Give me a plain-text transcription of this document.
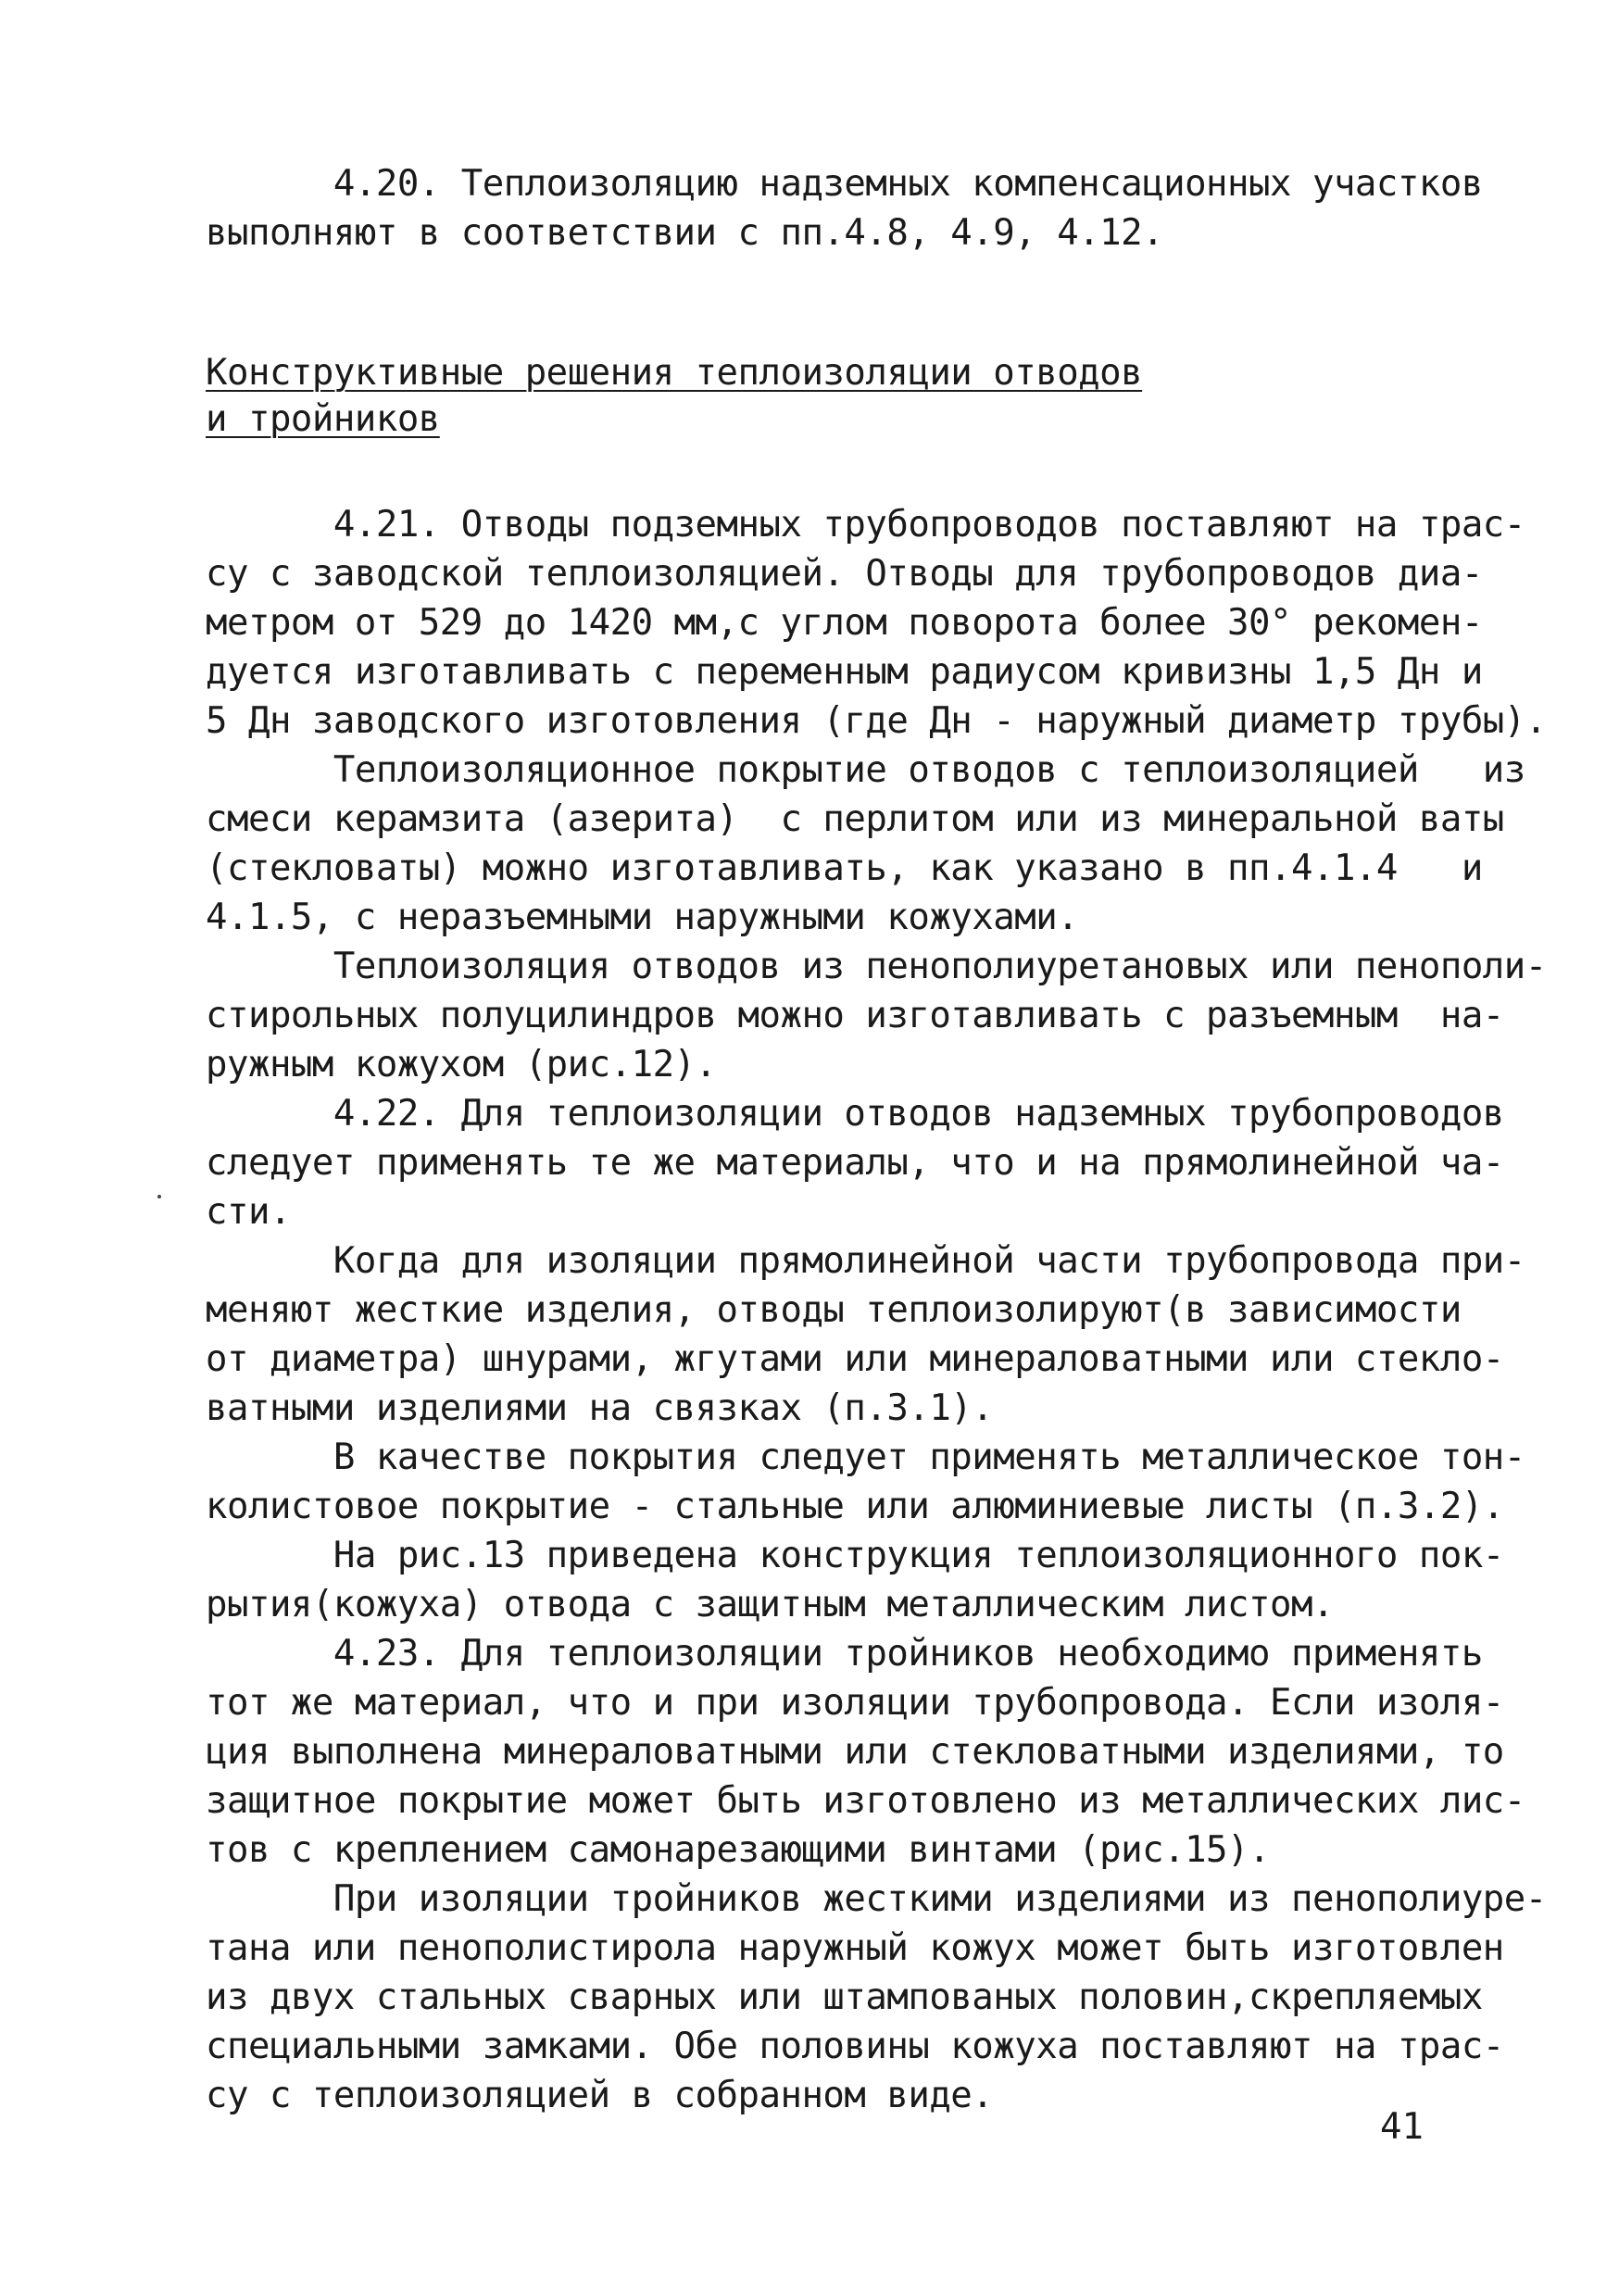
4.20. Теплоизоляцию надземных компенсационных участков

выполняют в соответствии с пп.4.8, 4.9, 4.12.

Конструктивные решения теплоизоляции отводов

и тройников

4.21. Отводы подземных трубопроводов поставляют на трас-

су с заводской теплоизоляцией. Отводы для трубопроводов диа-

метром от 529 до 1420 мм,с углом поворота более 30° рекомен-

дуется изготавливать с переменным радиусом кривизны 1,5 Дн и

5 Дн заводского изготовления (где Дн - наружный диаметр трубы).

Теплоизоляционное покрытие отводов с теплоизоляцией   из

смеси керамзита (азерита)  с перлитом или из минеральной ваты

(стекловаты) можно изготавливать, как указано в пп.4.1.4   и

4.1.5, с неразъемными наружными кожухами.

Теплоизоляция отводов из пенополиуретановых или пенопoли-

стирольных полуцилиндров можно изготавливать с разъемным  на-

ружным кожухом (рис.12).

4.22. Для теплоизоляции отводов надземных трубопроводов

следует применять те же материалы, что и на прямолинейной ча-

сти.

Когда для изоляции прямолинейной части трубопровода при-

меняют жесткие изделия, отводы теплоизолируют(в зависимости

от диаметра) шнурами, жгутами или минераловатными или стекло-

ватными изделиями на связках (п.3.1).

В качестве покрытия следует применять металлическое тон-

колистовое покрытие - стальные или алюминиевые листы (п.3.2).

На рис.13 приведена конструкция теплоизоляционного пок-

рытия(кожуха) отвода с защитным металлическим листом.

4.23. Для теплоизоляции тройников необходимо применять

тот же материал, что и при изоляции трубопровода. Если изоля-

ция выполнена минераловатными или стекловатными изделиями, то

защитное покрытие может быть изготовлено из металлических лис-

тов с креплением самонарезающими винтами (рис.15).

При изоляции тройников жесткими изделиями из пенополиуре-

тана или пенополистирола наружный кожух может быть изготовлен

из двух стальных сварных или штампованых половин,скрепляемых

специальными замками. Обе половины кожуха поставляют на трас-

су с теплоизоляцией в собранном виде.

41
